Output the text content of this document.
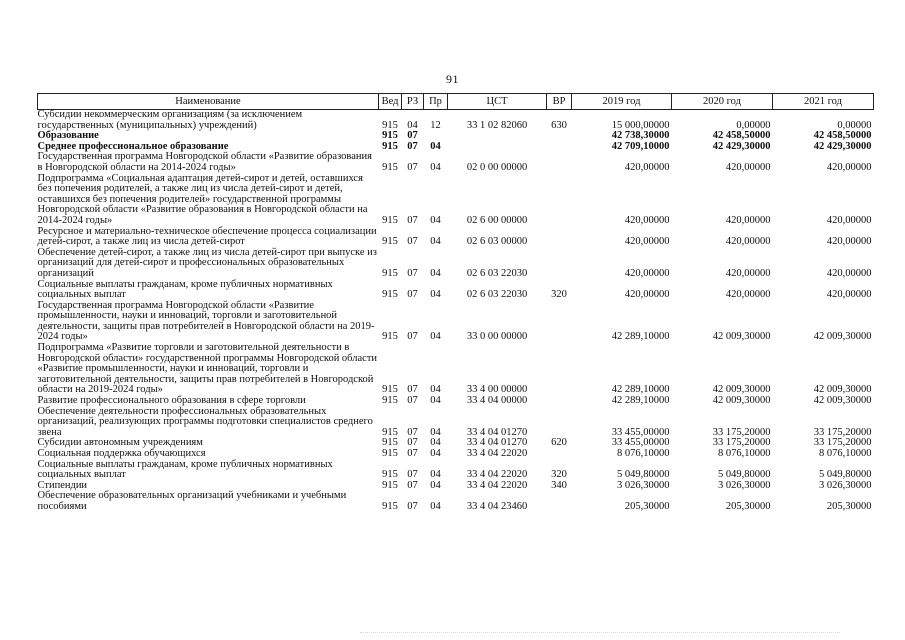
91
Наименование	Вед	РЗ	Пр	ЦСТ	ВР	2019 год	2020 год	2021 год
Субсидии некоммерческим организациям (за исключением государственных (муниципальных) учреждений)	915	04	12	33 1 02 82060	630	15 000,00000	0,00000	0,00000
Образование	915	07				42 738,30000	42 458,50000	42 458,50000
Среднее профессиональное образование	915	07	04			42 709,10000	42 429,30000	42 429,30000
Государственная программа Новгородской области «Развитие образования в Новгородской области на 2014-2024 годы»	915	07	04	02 0 00 00000		420,00000	420,00000	420,00000
Подпрограмма «Социальная адаптация детей-сирот и детей, оставшихся без попечения родителей, а также лиц из числа детей-сирот и детей, оставшихся без попечения родителей» государственной программы Новгородской области «Развитие образования в Новгородской области на 2014-2024 годы»	915	07	04	02 6 00 00000		420,00000	420,00000	420,00000
Ресурсное и материально-техническое обеспечение процесса социализации детей-сирот, а также лиц из числа детей-сирот	915	07	04	02 6 03 00000		420,00000	420,00000	420,00000
Обеспечение детей-сирот, а также лиц из числа детей-сирот при выпуске из организаций для детей-сирот и профессиональных образовательных организаций	915	07	04	02 6 03 22030		420,00000	420,00000	420,00000
Социальные выплаты гражданам, кроме публичных нормативных социальных выплат	915	07	04	02 6 03 22030	320	420,00000	420,00000	420,00000
Государственная программа Новгородской области «Развитие промышленности, науки и инноваций, торговли и заготовительной деятельности, защиты прав потребителей в Новгородской области на 2019-2024 годы»	915	07	04	33 0 00 00000		42 289,10000	42 009,30000	42 009,30000
Подпрограмма «Развитие торговли и заготовительной деятельности в Новгородской области» государственной программы Новгородской области «Развитие промышленности, науки и инноваций, торговли и заготовительной деятельности, защиты прав потребителей в Новгородской области на 2019-2024 годы»	915	07	04	33 4 00 00000		42 289,10000	42 009,30000	42 009,30000
Развитие профессионального образования в сфере торговли	915	07	04	33 4 04 00000		42 289,10000	42 009,30000	42 009,30000
Обеспечение деятельности профессиональных образовательных организаций, реализующих программы подготовки специалистов среднего звена	915	07	04	33 4 04 01270		33 455,00000	33 175,20000	33 175,20000
Субсидии автономным учреждениям	915	07	04	33 4 04 01270	620	33 455,00000	33 175,20000	33 175,20000
Социальная поддержка обучающихся	915	07	04	33 4 04 22020		8 076,10000	8 076,10000	8 076,10000
Социальные выплаты гражданам, кроме публичных нормативных социальных выплат	915	07	04	33 4 04 22020	320	5 049,80000	5 049,80000	5 049,80000
Стипендии	915	07	04	33 4 04 22020	340	3 026,30000	3 026,30000	3 026,30000
Обеспечение образовательных организаций учебниками и учебными пособиями	915	07	04	33 4 04 23460		205,30000	205,30000	205,30000
